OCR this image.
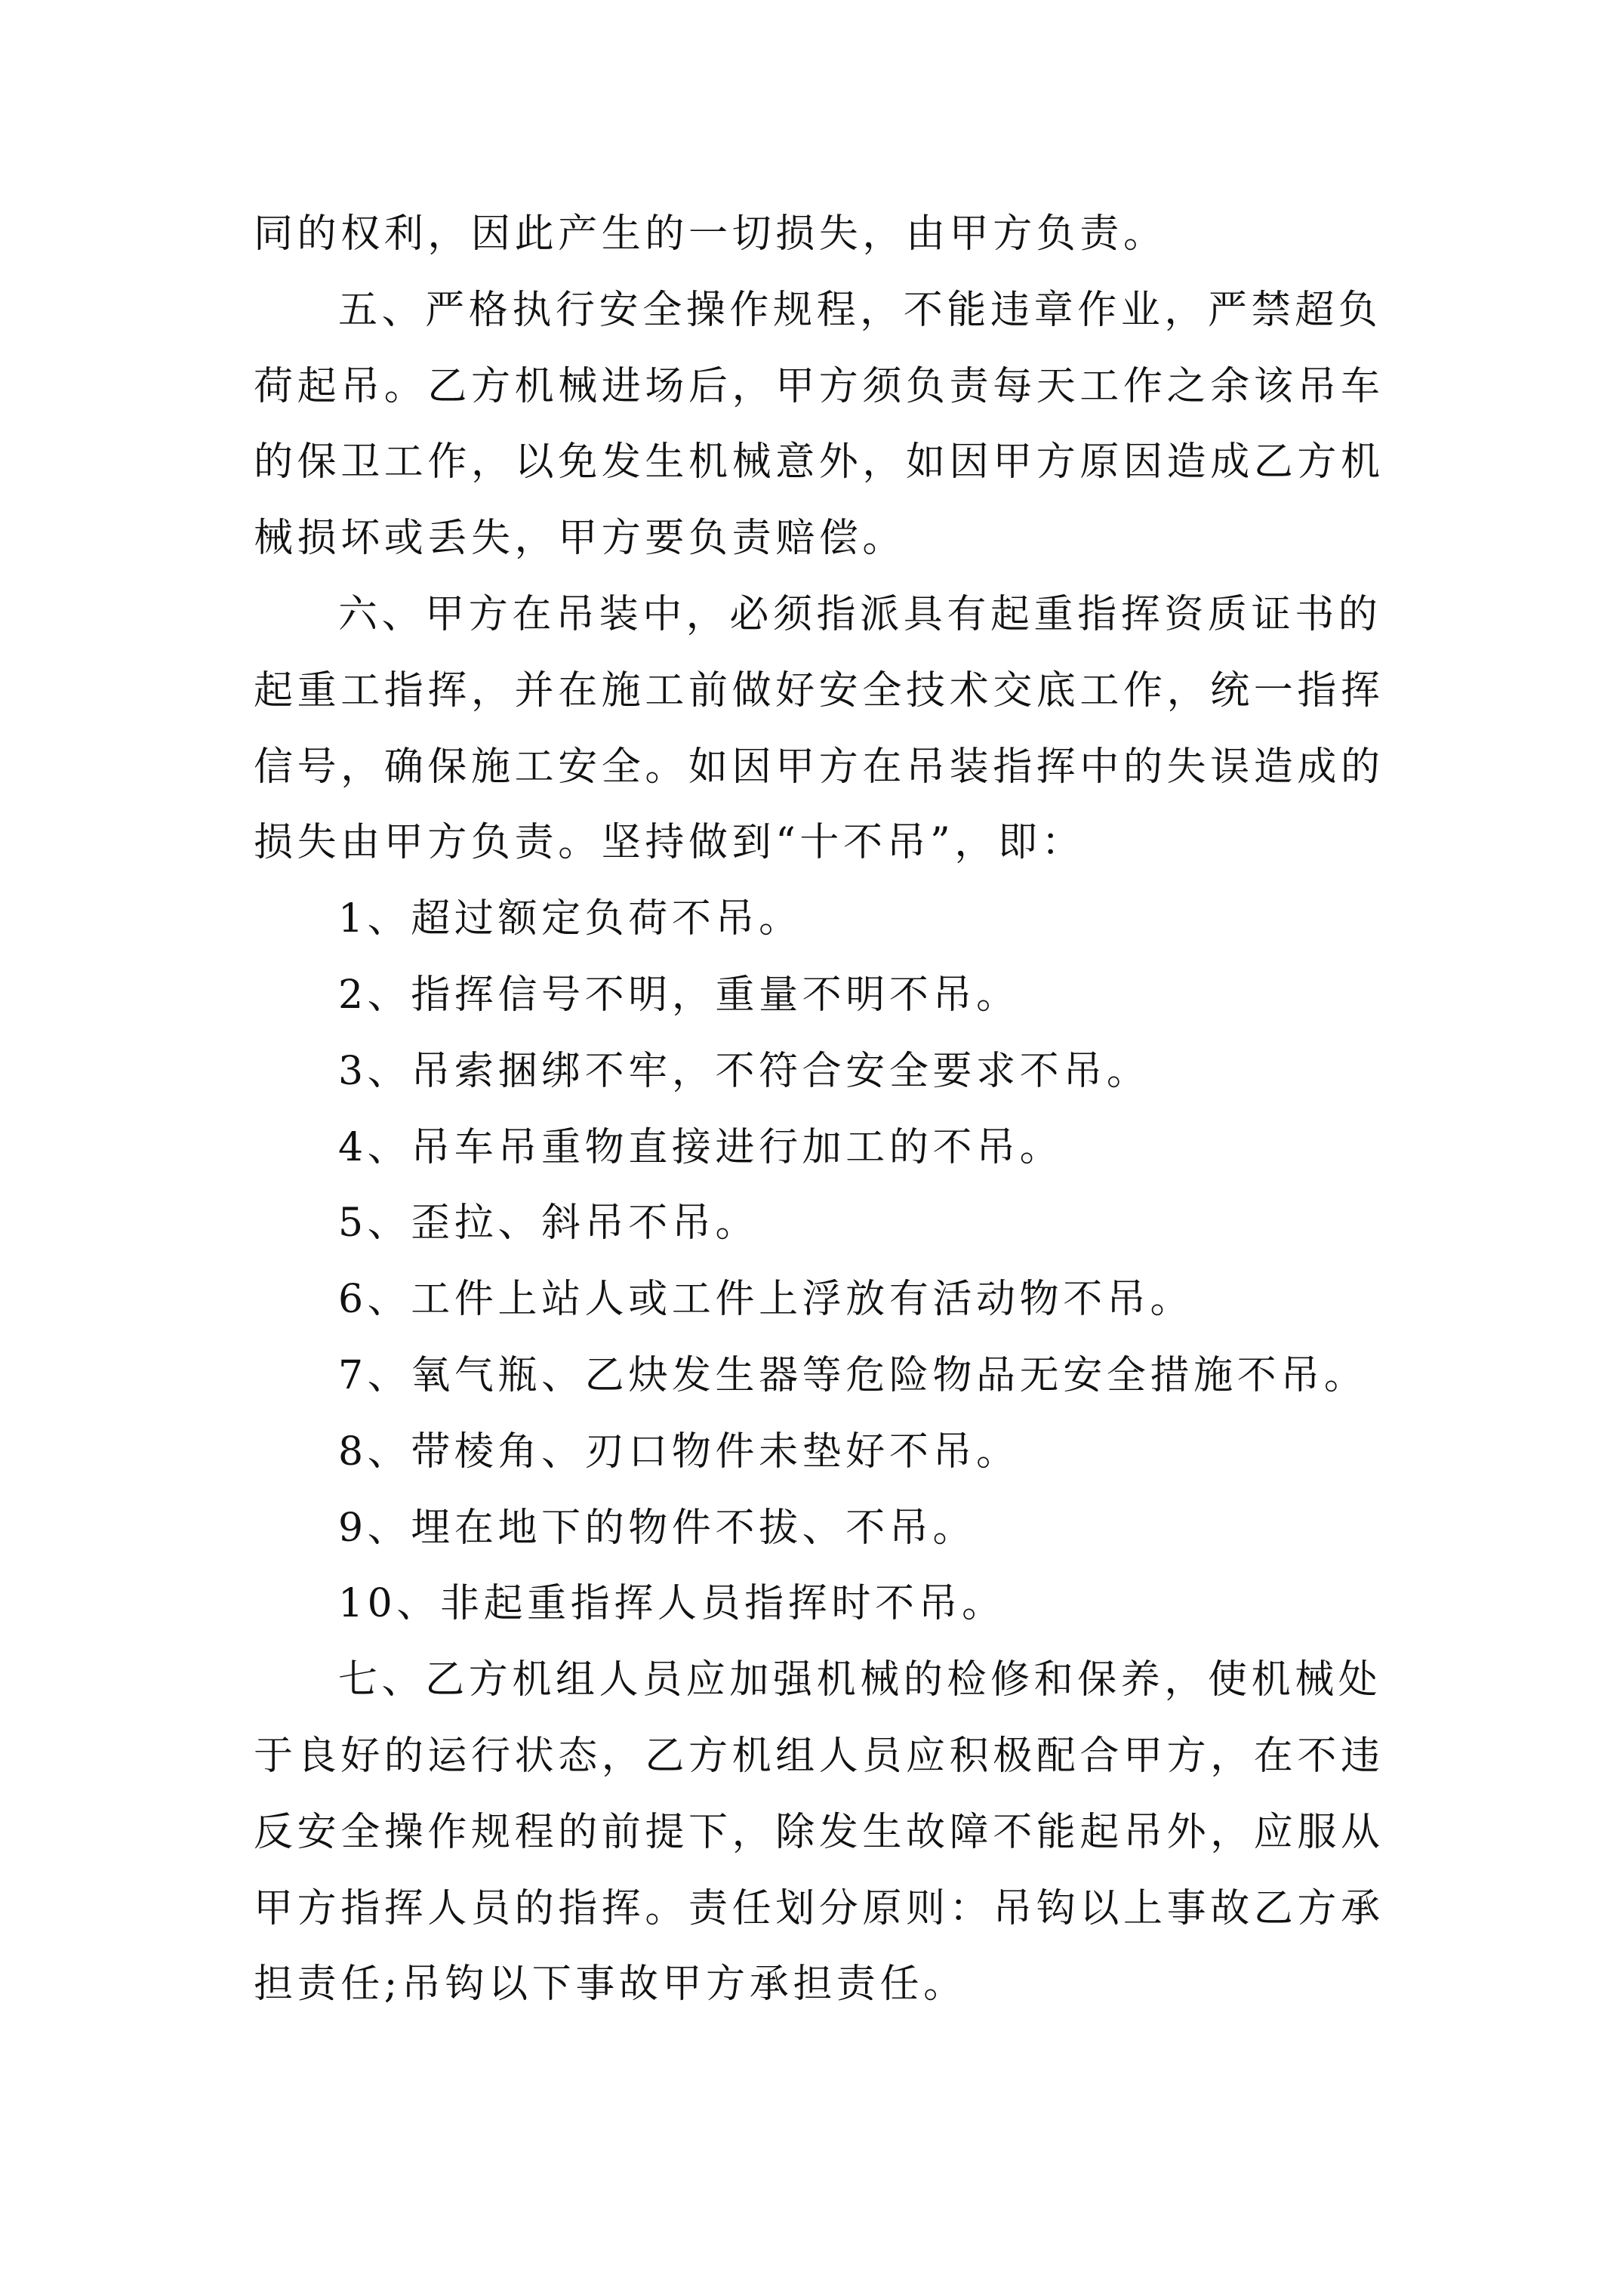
同的权利，因此产生的一切损失，由甲方负责。
五、严格执行安全操作规程，不能违章作业，严禁超负
荷起吊。乙方机械进场后，甲方须负责每天工作之余该吊车
的保卫工作，以免发生机械意外，如因甲方原因造成乙方机
械损坏或丢失，甲方要负责赔偿。
六、甲方在吊装中，必须指派具有起重指挥资质证书的
起重工指挥，并在施工前做好安全技术交底工作，统一指挥
信号，确保施工安全。如因甲方在吊装指挥中的失误造成的
损失由甲方负责。坚持做到“十不吊”，即：
1、超过额定负荷不吊。
2、指挥信号不明，重量不明不吊。
3、吊索捆绑不牢，不符合安全要求不吊。
4、吊车吊重物直接进行加工的不吊。
5、歪拉、斜吊不吊。
6、工件上站人或工件上浮放有活动物不吊。
7、氧气瓶、乙炔发生器等危险物品无安全措施不吊。
8、带棱角、刃口物件未垫好不吊。
9、埋在地下的物件不拔、不吊。
10、非起重指挥人员指挥时不吊。
七、乙方机组人员应加强机械的检修和保养，使机械处
于良好的运行状态，乙方机组人员应积极配合甲方，在不违
反安全操作规程的前提下，除发生故障不能起吊外，应服从
甲方指挥人员的指挥。责任划分原则：吊钩以上事故乙方承
担责任;吊钩以下事故甲方承担责任。
